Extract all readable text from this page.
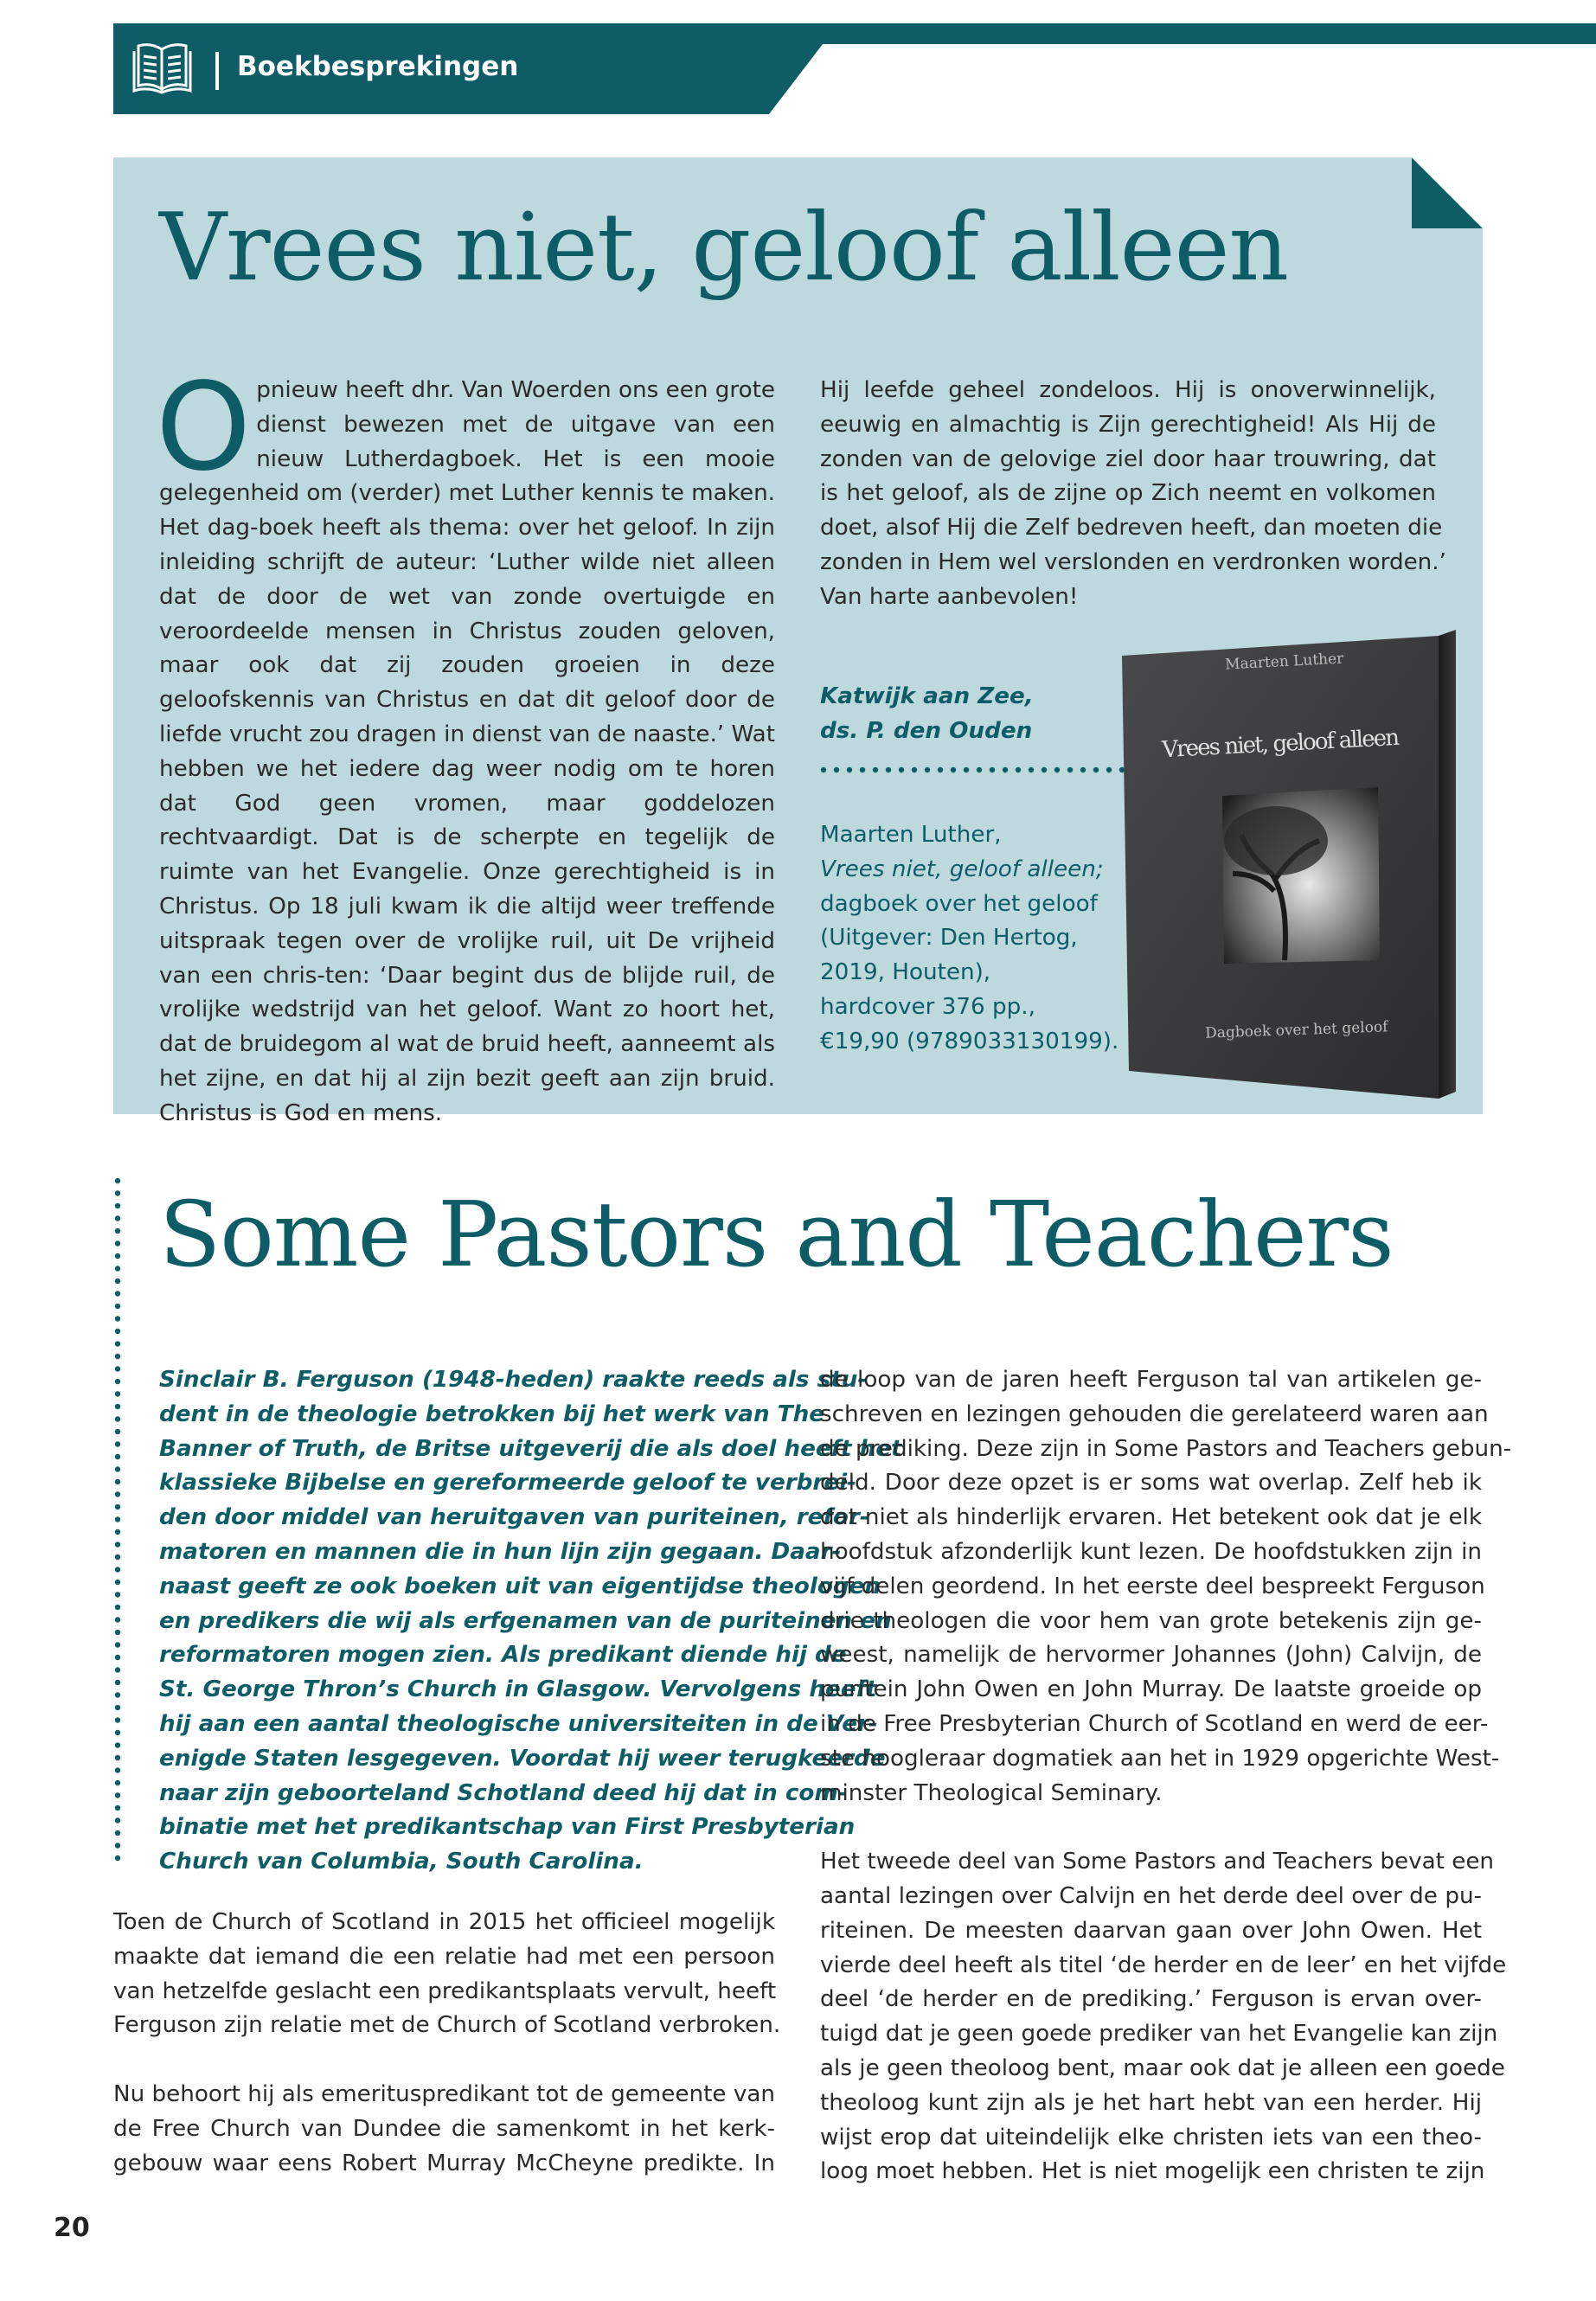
Boekbesprekingen
Vrees niet, geloof alleen
Opnieuw heeft dhr. Van Woerden ons een grote dienst bewezen met de uitgave van een nieuw Lutherdagboek. Het is een mooie gelegenheid om (verder) met Luther kennis te maken. Het dag-boek heeft als thema: over het geloof. In zijn inleiding schrijft de auteur: ‘Luther wilde niet alleen dat de door de wet van zonde overtuigde en veroordeelde mensen in Christus zouden geloven, maar ook dat zij zouden groeien in deze geloofskennis van Christus en dat dit geloof door de liefde vrucht zou dragen in dienst van de naaste.’ Wat hebben we het iedere dag weer nodig om te horen dat God geen vromen, maar goddelozen rechtvaardigt. Dat is de scherpte en tegelijk de ruimte van het Evangelie. Onze gerechtigheid is in Christus. Op 18 juli kwam ik die altijd weer treffende uitspraak tegen over de vrolijke ruil, uit De vrijheid van een chris-ten: ‘Daar begint dus de blijde ruil, de vrolijke wedstrijd van het geloof. Want zo hoort het, dat de bruidegom al wat de bruid heeft, aanneemt als het zijne, en dat hij al zijn bezit geeft aan zijn bruid. Christus is God en mens.
Hij leefde geheel zondeloos. Hij is onoverwinnelijk,
eeuwig en almachtig is Zijn gerechtigheid! Als Hij de
zonden van de gelovige ziel door haar trouwring, dat
is het geloof, als de zijne op Zich neemt en volkomen
doet, alsof Hij die Zelf bedreven heeft, dan moeten die
zonden in Hem wel verslonden en verdronken worden.’
Van harte aanbevolen!
Katwijk aan Zee,
ds. P. den Ouden
Maarten Luther,
Vrees niet, geloof alleen;
dagboek over het geloof
(Uitgever: Den Hertog,
2019, Houten),
hardcover 376 pp.,
€19,90 (9789033130199).
Maarten Luther
Vrees niet, geloof alleen
Dagboek over het geloof
Some Pastors and Teachers
Sinclair B. Ferguson (1948-heden) raakte reeds als stu-
dent in de theologie betrokken bij het werk van The
Banner of Truth, de Britse uitgeverij die als doel heeft het
klassieke Bijbelse en gereformeerde geloof te verbrei-
den door middel van heruitgaven van puriteinen, refor-
matoren en mannen die in hun lijn zijn gegaan. Daar-
naast geeft ze ook boeken uit van eigentijdse theologen
en predikers die wij als erfgenamen van de puriteinen en
reformatoren mogen zien. Als predikant diende hij de
St. George Thron’s Church in Glasgow. Vervolgens heeft
hij aan een aantal theologische universiteiten in de Ver-
enigde Staten lesgegeven. Voordat hij weer terugkeerde
naar zijn geboorteland Schotland deed hij dat in com-
binatie met het predikantschap van First Presbyterian
Church van Columbia, South Carolina.
Toen de Church of Scotland in 2015 het officieel mogelijk
maakte dat iemand die een relatie had met een persoon
van hetzelfde geslacht een predikantsplaats vervult, heeft
Ferguson zijn relatie met de Church of Scotland verbroken.
Nu behoort hij als emerituspredikant tot de gemeente van
de Free Church van Dundee die samenkomt in het kerk-
gebouw waar eens Robert Murray McCheyne predikte. In
de loop van de jaren heeft Ferguson tal van artikelen ge-
schreven en lezingen gehouden die gerelateerd waren aan
de prediking. Deze zijn in Some Pastors and Teachers gebun-
deld. Door deze opzet is er soms wat overlap. Zelf heb ik
dat niet als hinderlijk ervaren. Het betekent ook dat je elk
hoofdstuk afzonderlijk kunt lezen. De hoofdstukken zijn in
vijf delen geordend. In het eerste deel bespreekt Ferguson
drie theologen die voor hem van grote betekenis zijn ge-
weest, namelijk de hervormer Johannes (John) Calvijn, de
puritein John Owen en John Murray. De laatste groeide op
in de Free Presbyterian Church of Scotland en werd de eer-
ste hoogleraar dogmatiek aan het in 1929 opgerichte West-
minster Theological Seminary.
Het tweede deel van Some Pastors and Teachers bevat een
aantal lezingen over Calvijn en het derde deel over de pu-
riteinen. De meesten daarvan gaan over John Owen. Het
vierde deel heeft als titel ‘de herder en de leer’ en het vijfde
deel ‘de herder en de prediking.’ Ferguson is ervan over-
tuigd dat je geen goede prediker van het Evangelie kan zijn
als je geen theoloog bent, maar ook dat je alleen een goede
theoloog kunt zijn als je het hart hebt van een herder. Hij
wijst erop dat uiteindelijk elke christen iets van een theo-
loog moet hebben. Het is niet mogelijk een christen te zijn
20
